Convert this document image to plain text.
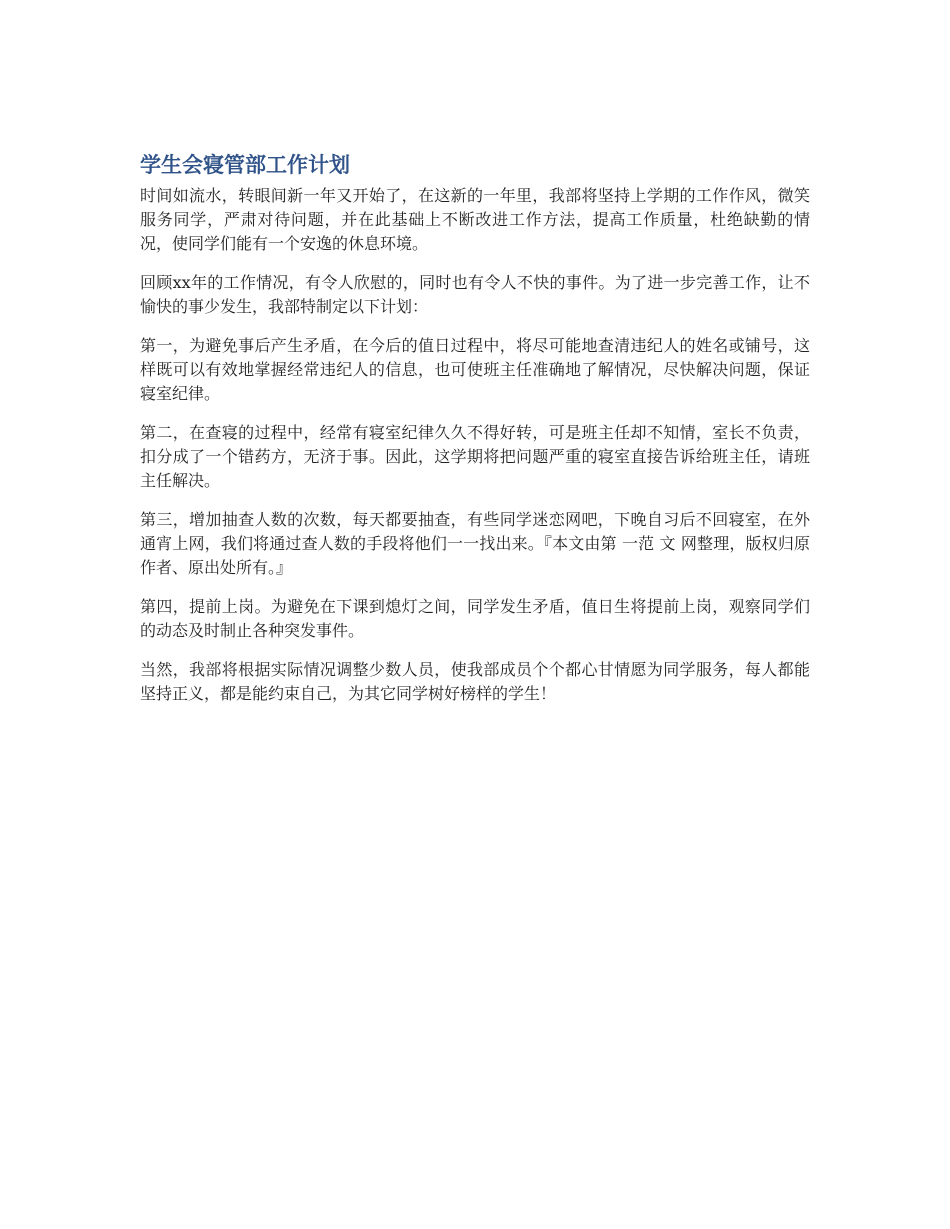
学生会寝管部工作计划

时间如流水，转眼间新一年又开始了，在这新的一年里，我部将坚持上学期的工作作风，微笑服务同学，严肃对待问题，并在此基础上不断改进工作方法，提高工作质量，杜绝缺勤的情况，使同学们能有一个安逸的休息环境。

回顾xx年的工作情况，有令人欣慰的，同时也有令人不快的事件。为了进一步完善工作，让不愉快的事少发生，我部特制定以下计划：

第一，为避免事后产生矛盾，在今后的值日过程中，将尽可能地查清违纪人的姓名或铺号，这样既可以有效地掌握经常违纪人的信息，也可使班主任准确地了解情况，尽快解决问题，保证寝室纪律。

第二，在查寝的过程中，经常有寝室纪律久久不得好转，可是班主任却不知情，室长不负责，扣分成了一个错药方，无济于事。因此，这学期将把问题严重的寝室直接告诉给班主任，请班主任解决。

第三，增加抽查人数的次数，每天都要抽查，有些同学迷恋网吧，下晚自习后不回寝室，在外通宵上网，我们将通过查人数的手段将他们一一找出来。『本文由第 一范 文 网整理，版权归原作者、原出处所有。』

第四，提前上岗。为避免在下课到熄灯之间，同学发生矛盾，值日生将提前上岗，观察同学们的动态及时制止各种突发事件。

当然，我部将根据实际情况调整少数人员，使我部成员个个都心甘情愿为同学服务，每人都能坚持正义，都是能约束自己，为其它同学树好榜样的学生！
